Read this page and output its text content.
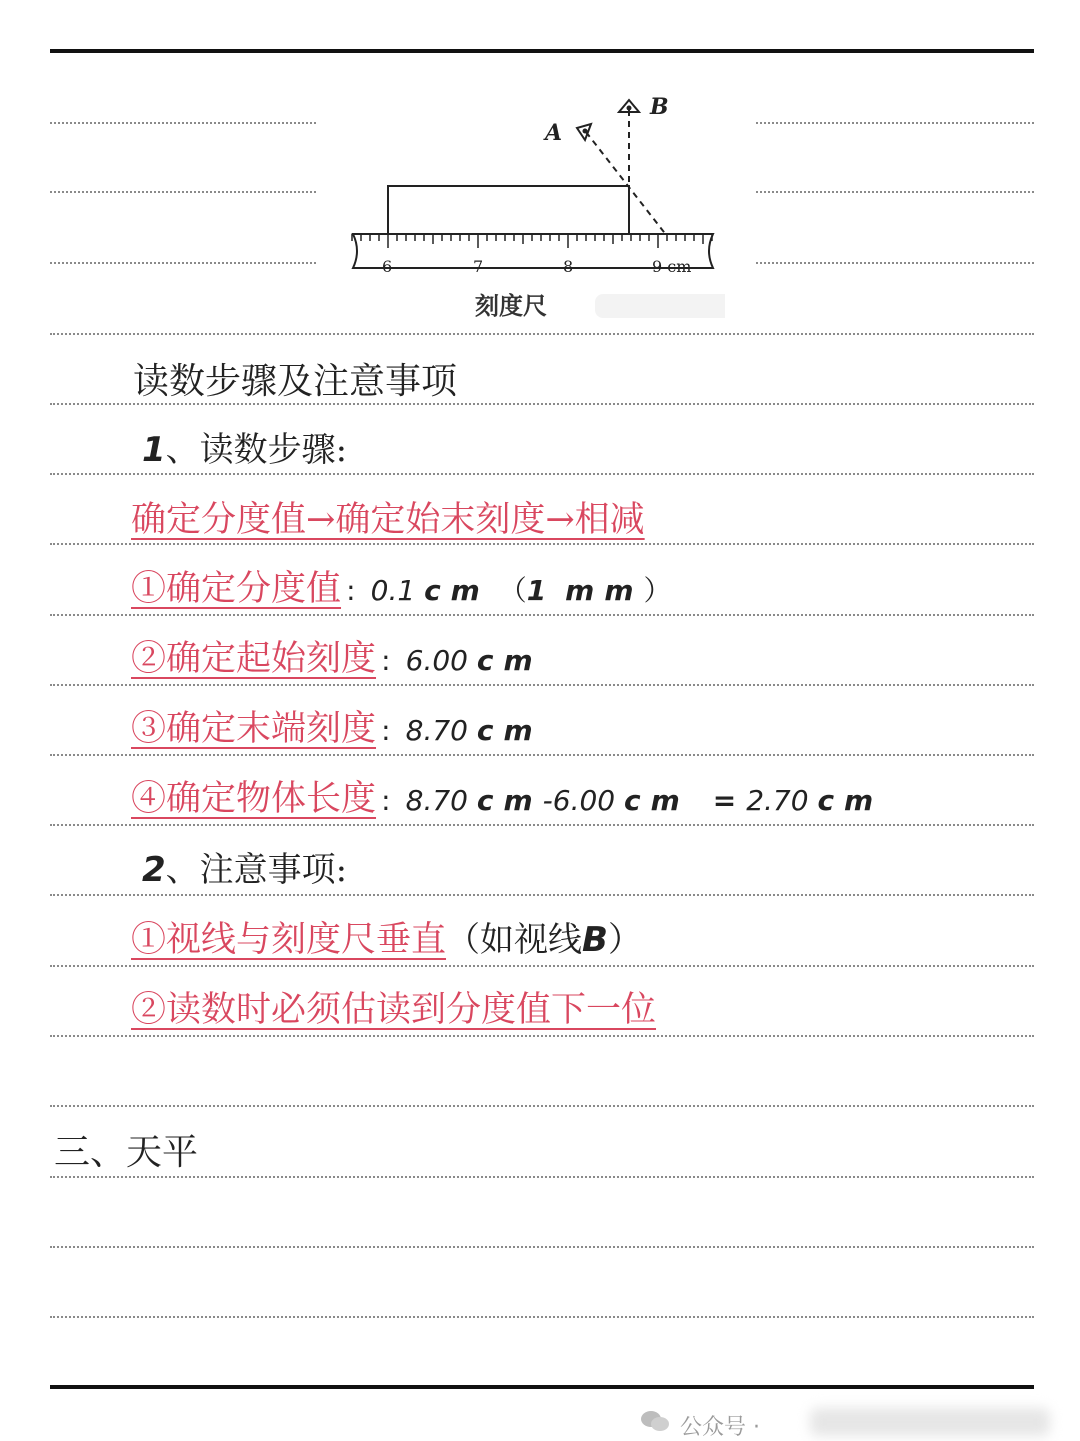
A
B
6	7	8	9 cm
刻度尺
读数步骤及注意事项
1、读数步骤:
确定分度值→确定始末刻度→相减
①确定分度值 : 0.1 cm （1 mm）
②确定起始刻度 : 6.00 cm
③确定末端刻度 : 8.70 cm
④确定物体长度 : 8.70 cm-6.00 cm =2.70 cm
2、注意事项:
①视线与刻度尺垂直（如视线B）
②读数时必须估读到分度值下一位
三、天平
公众号 ·
